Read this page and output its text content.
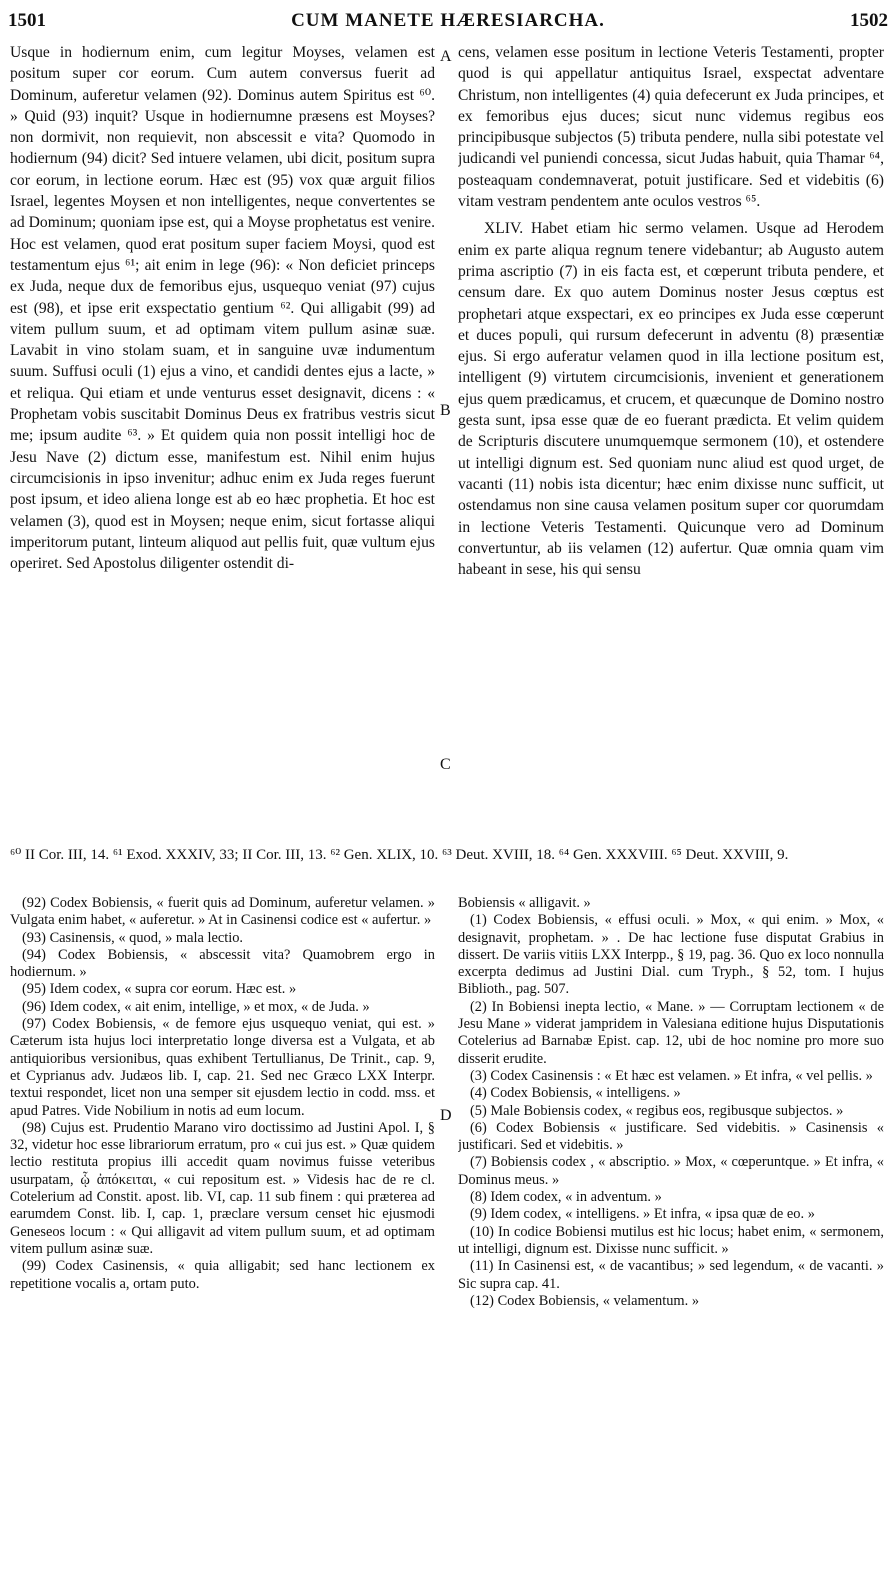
1501	CUM MANETE HÆRESIARCHA.	1502

Usque in hodiernum enim, cum legitur Moyses, velamen est positum super cor eorum. Cum autem conversus fuerit ad Dominum, auferetur velamen (92). Dominus autem Spiritus est ⁶⁰. » Quid (93) inquit? Usque in hodiernumne præsens est Moyses? non dormivit, non requievit, non abscessit e vita? Quomodo in hodiernum (94) dicit? Sed intuere velamen, ubi dicit, positum supra cor eorum, in lectione eorum. Hæc est (95) vox quæ arguit filios Israel, legentes Moysen et non intelligentes, neque convertentes se ad Dominum; quoniam ipse est, qui a Moyse prophetatus est venire. Hoc est velamen, quod erat positum super faciem Moysi, quod est testamentum ejus ⁶¹; ait enim in lege (96): « Non deficiet princeps ex Juda, neque dux de femoribus ejus, usquequo veniat (97) cujus est (98), et ipse erit exspectatio gentium ⁶². Qui alligabit (99) ad vitem pullum suum, et ad optimam vitem pullum asinæ suæ. Lavabit in vino stolam suam, et in sanguine uvæ indumentum suum. Suffusi oculi (1) ejus a vino, et candidi dentes ejus a lacte, » et reliqua. Qui etiam et unde venturus esset designavit, dicens : « Prophetam vobis suscitabit Dominus Deus ex fratribus vestris sicut me; ipsum audite ⁶³. » Et quidem quia non possit intelligi hoc de Jesu Nave (2) dictum esse, manifestum est. Nihil enim hujus circumcisionis in ipso invenitur; adhuc enim ex Juda reges fuerunt post ipsum, et ideo aliena longe est ab eo hæc prophetia. Et hoc est velamen (3), quod est in Moysen; neque enim, sicut fortasse aliqui imperitorum putant, linteum aliquod aut pellis fuit, quæ vultum ejus operiret. Sed Apostolus diligenter ostendit di-

A
B
C
D

cens, velamen esse positum in lectione Veteris Testamenti, propter quod is qui appellatur antiquitus Israel, exspectat adventare Christum, non intelligentes (4) quia defecerunt ex Juda principes, et ex femoribus ejus duces; sicut nunc videmus regibus eos principibusque subjectos (5) tributa pendere, nulla sibi potestate vel judicandi vel puniendi concessa, sicut Judas habuit, quia Thamar ⁶⁴, posteaquam condemnaverat, potuit justificare. Sed et videbitis (6) vitam vestram pendentem ante oculos vestros ⁶⁵.

XLIV. Habet etiam hic sermo velamen. Usque ad Herodem enim ex parte aliqua regnum tenere videbantur; ab Augusto autem prima ascriptio (7) in eis facta est, et cœperunt tributa pendere, et censum dare. Ex quo autem Dominus noster Jesus cœptus est prophetari atque exspectari, ex eo principes ex Juda esse cœperunt et duces populi, qui rursum defecerunt in adventu (8) præsentiæ ejus. Si ergo auferatur velamen quod in illa lectione positum est, intelligent (9) virtutem circumcisionis, invenient et generationem ejus quem prædicamus, et crucem, et quæcunque de Domino nostro gesta sunt, ipsa esse quæ de eo fuerant prædicta. Et velim quidem de Scripturis discutere unumquemque sermonem (10), et ostendere ut intelligi dignum est. Sed quoniam nunc aliud est quod urget, de vacanti (11) nobis ista dicentur; hæc enim dixisse nunc sufficit, ut ostendamus non sine causa velamen positum super cor quorumdam in lectione Veteris Testamenti. Quicunque vero ad Dominum convertuntur, ab iis velamen (12) aufertur. Quæ omnia quam vim habeant in sese, his qui sensu

⁶⁰ II Cor. III, 14. ⁶¹ Exod. XXXIV, 33; II Cor. III, 13. ⁶² Gen. XLIX, 10. ⁶³ Deut. XVIII, 18. ⁶⁴ Gen. XXXVIII. ⁶⁵ Deut. XXVIII, 9.

(92) Codex Bobiensis, « fuerit quis ad Dominum, auferetur velamen. » Vulgata enim habet, « auferetur. » At in Casinensi codice est « aufertur. »

(93) Casinensis, « quod, » mala lectio.

(94) Codex Bobiensis, « abscessit vita? Quamobrem ergo in hodiernum. »

(95) Idem codex, « supra cor eorum. Hæc est. »

(96) Idem codex, « ait enim, intellige, » et mox, « de Juda. »

(97) Codex Bobiensis, « de femore ejus usquequo veniat, qui est. » Cæterum ista hujus loci interpretatio longe diversa est a Vulgata, et ab antiquioribus versionibus, quas exhibent Tertullianus, De Trinit., cap. 9, et Cyprianus adv. Judæos lib. I, cap. 21. Sed nec Græco LXX Interpr. textui respondet, licet non una semper sit ejusdem lectio in codd. mss. et apud Patres. Vide Nobilium in notis ad eum locum.

(98) Cujus est. Prudentio Marano viro doctissimo ad Justini Apol. I, § 32, videtur hoc esse librariorum erratum, pro « cui jus est. » Quæ quidem lectio restituta propius illi accedit quam novimus fuisse veteribus usurpatam, ᾧ ἀπόκειται, « cui repositum est. » Videsis hac de re cl. Cotelerium ad Constit. apost. lib. VI, cap. 11 sub finem : qui præterea ad earumdem Const. lib. I, cap. 1, præclare versum censet hic ejusmodi Geneseos locum : « Qui alligavit ad vitem pullum suum, et ad optimam vitem pullum asinæ suæ.

(99) Codex Casinensis, « quia alligabit; sed hanc lectionem ex repetitione vocalis a, ortam puto.

Bobiensis « alligavit. »

(1) Codex Bobiensis, « effusi oculi. » Mox, « qui enim. » Mox, « designavit, prophetam. » . De hac lectione fuse disputat Grabius in dissert. De variis vitiis LXX Interpp., § 19, pag. 36. Quo ex loco nonnulla excerpta dedimus ad Justini Dial. cum Tryph., § 52, tom. I hujus Biblioth., pag. 507.

(2) In Bobiensi inepta lectio, « Mane. » — Corruptam lectionem « de Jesu Mane » viderat jampridem in Valesiana editione hujus Disputationis Cotelerius ad Barnabæ Epist. cap. 12, ubi de hoc nomine pro more suo disserit erudite.

(3) Codex Casinensis : « Et hæc est velamen. » Et infra, « vel pellis. »

(4) Codex Bobiensis, « intelligens. »

(5) Male Bobiensis codex, « regibus eos, regibusque subjectos. »

(6) Codex Bobiensis « justificare. Sed videbitis. » Casinensis « justificari. Sed et videbitis. »

(7) Bobiensis codex , « abscriptio. » Mox, « cœperuntque. » Et infra, « Dominus meus. »

(8) Idem codex, « in adventum. »

(9) Idem codex, « intelligens. » Et infra, « ipsa quæ de eo. »

(10) In codice Bobiensi mutilus est hic locus; habet enim, « sermonem, ut intelligi, dignum est. Dixisse nunc sufficit. »

(11) In Casinensi est, « de vacantibus; » sed legendum, « de vacanti. » Sic supra cap. 41.

(12) Codex Bobiensis, « velamentum. »
